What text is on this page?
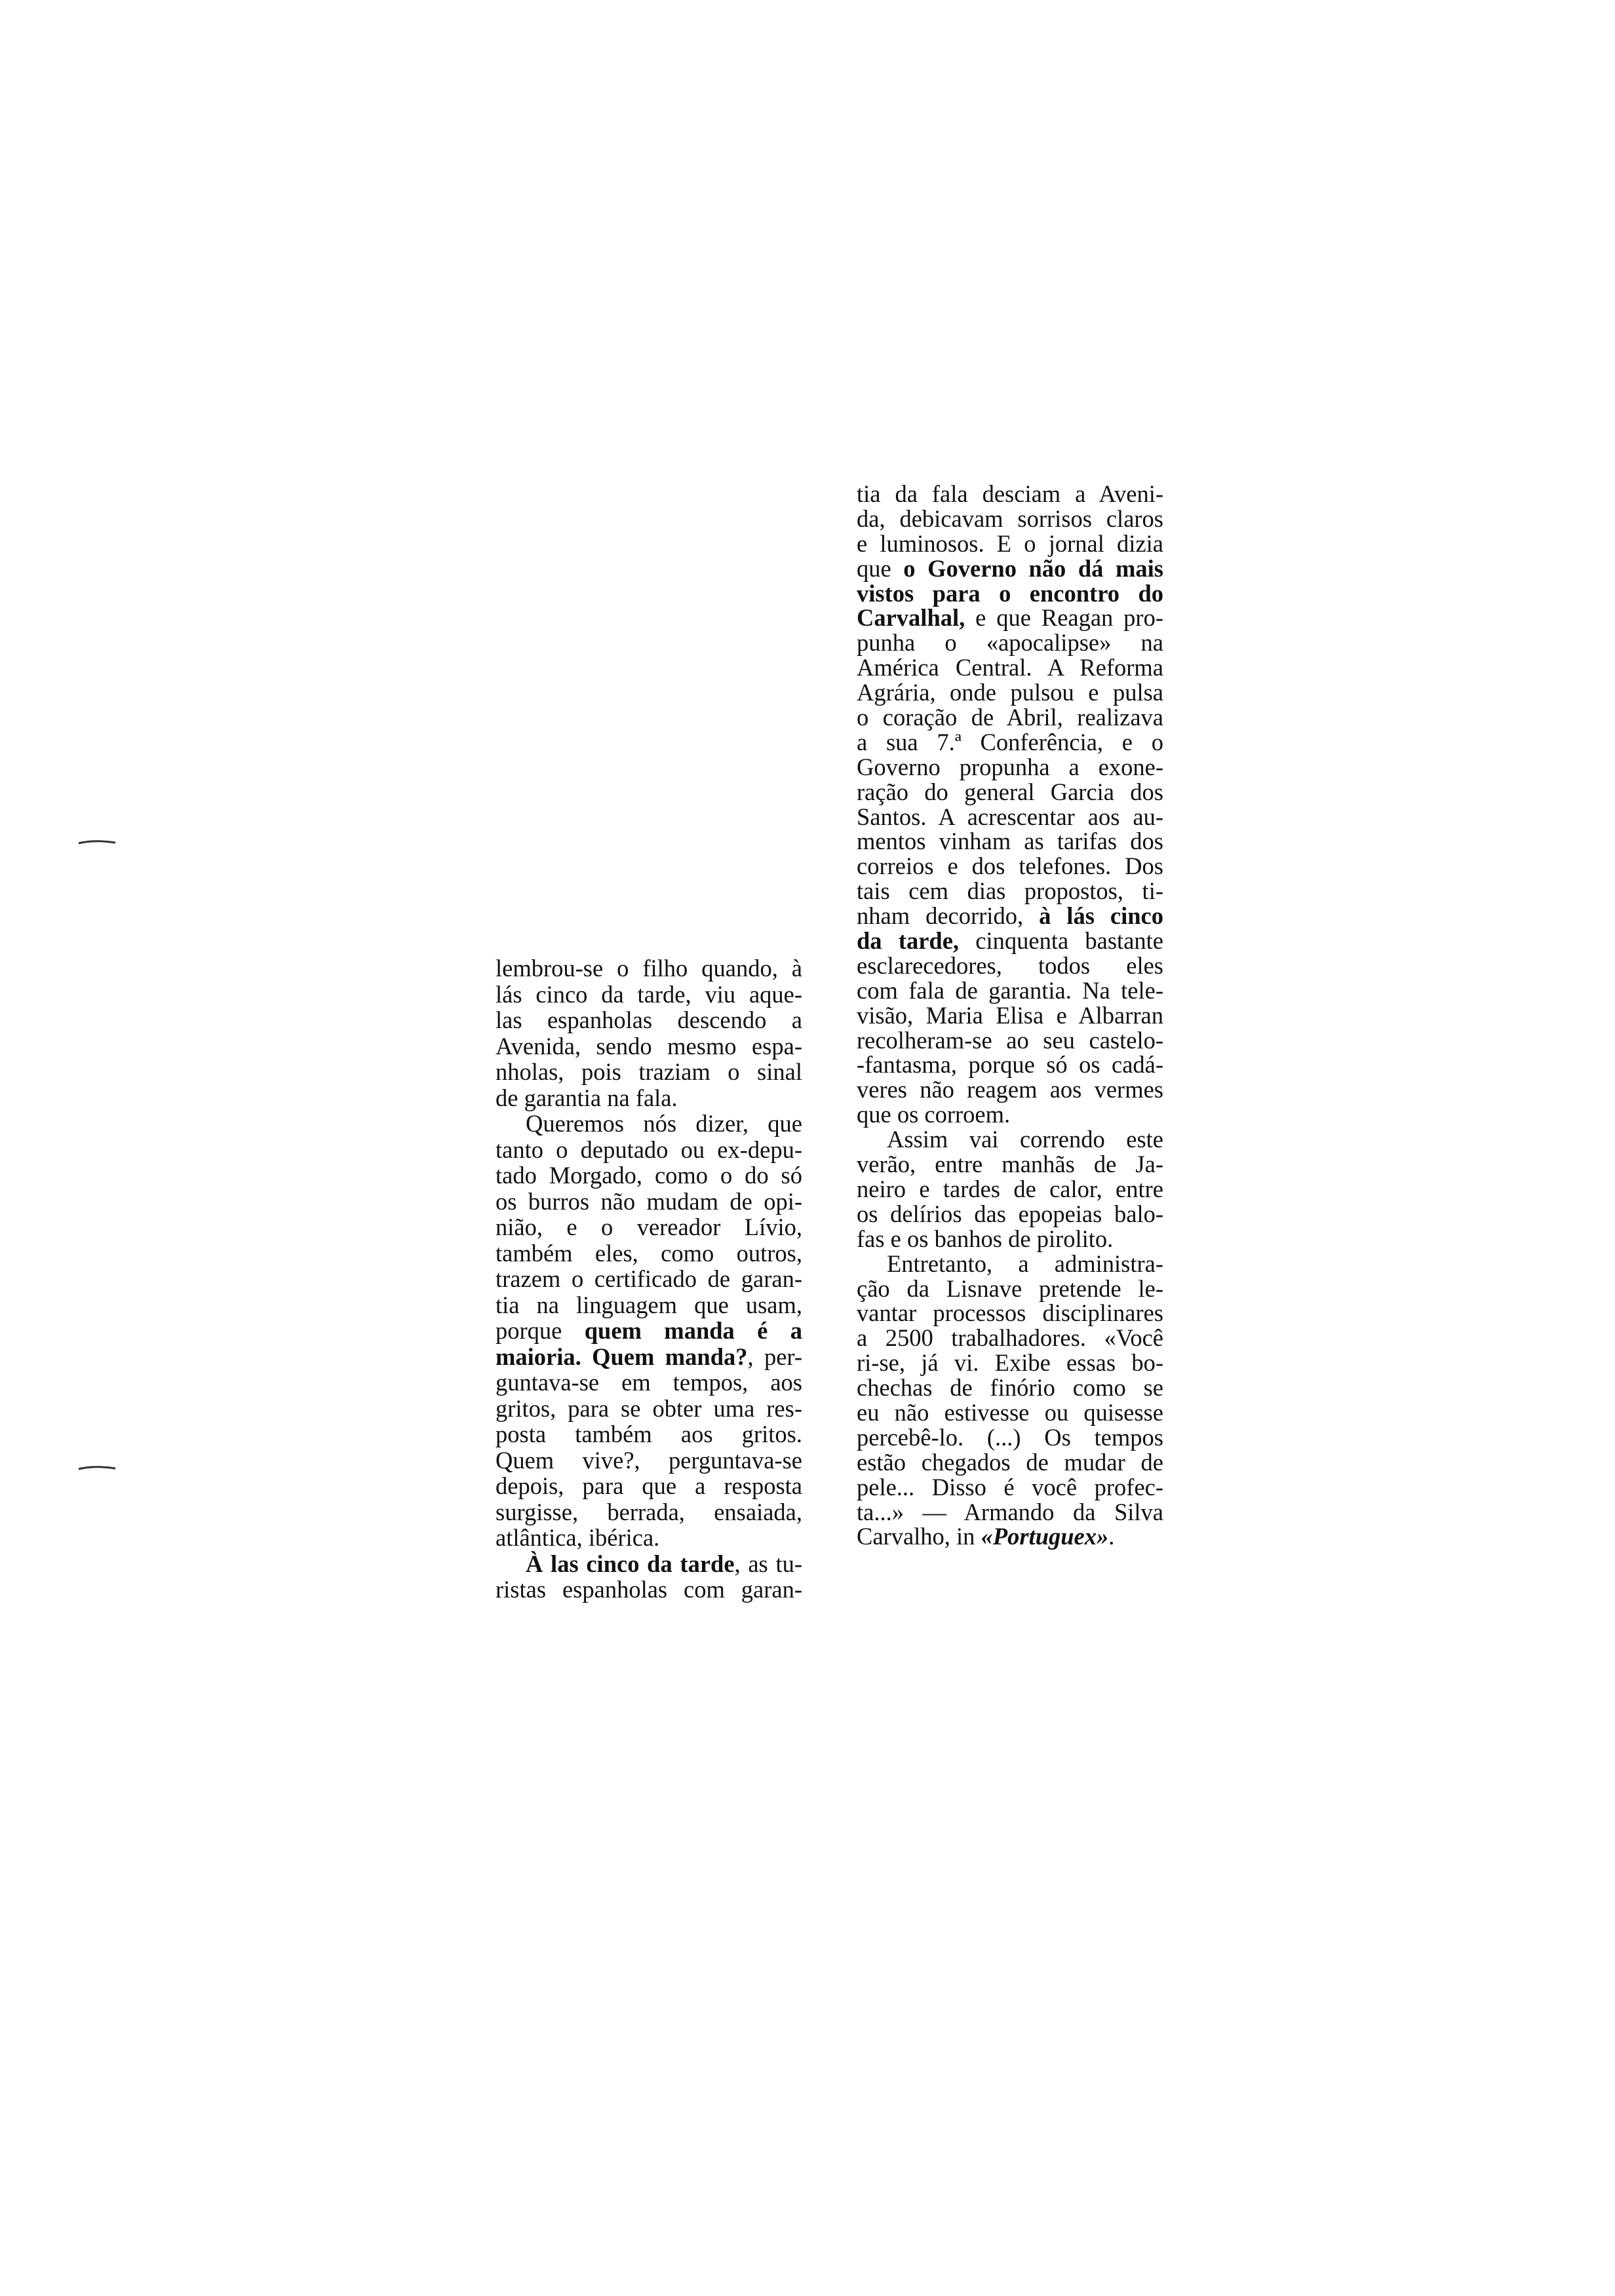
lembrou-se o filho quando, à
lás cinco da tarde, viu aque-
las espanholas descendo a
Avenida, sendo mesmo espa-
nholas, pois traziam o sinal
de garantia na fala.
Queremos nós dizer, que
tanto o deputado ou ex-depu-
tado Morgado, como o do só
os burros não mudam de opi-
nião, e o vereador Lívio,
também eles, como outros,
trazem o certificado de garan-
tia na linguagem que usam,
porque quem manda é a
maioria. Quem manda?, per-
guntava-se em tempos, aos
gritos, para se obter uma res-
posta também aos gritos.
Quem vive?, perguntava-se
depois, para que a resposta
surgisse, berrada, ensaiada,
atlântica, ibérica.
À las cinco da tarde, as tu-
ristas espanholas com garan-
tia da fala desciam a Aveni-
da, debicavam sorrisos claros
e luminosos. E o jornal dizia
que o Governo não dá mais
vistos para o encontro do
Carvalhal, e que Reagan pro-
punha o «apocalipse» na
América Central. A Reforma
Agrária, onde pulsou e pulsa
o coração de Abril, realizava
a sua 7.ª Conferência, e o
Governo propunha a exone-
ração do general Garcia dos
Santos. A acrescentar aos au-
mentos vinham as tarifas dos
correios e dos telefones. Dos
tais cem dias propostos, ti-
nham decorrido, à lás cinco
da tarde, cinquenta bastante
esclarecedores, todos eles
com fala de garantia. Na tele-
visão, Maria Elisa e Albarran
recolheram-se ao seu castelo-
-fantasma, porque só os cadá-
veres não reagem aos vermes
que os corroem.
Assim vai correndo este
verão, entre manhãs de Ja-
neiro e tardes de calor, entre
os delírios das epopeias balo-
fas e os banhos de pirolito.
Entretanto, a administra-
ção da Lisnave pretende le-
vantar processos disciplinares
a 2500 trabalhadores. «Você
ri-se, já vi. Exibe essas bo-
chechas de finório como se
eu não estivesse ou quisesse
percebê-lo. (...) Os tempos
estão chegados de mudar de
pele... Disso é você profec-
ta...» — Armando da Silva
Carvalho, in «Portuguex».
